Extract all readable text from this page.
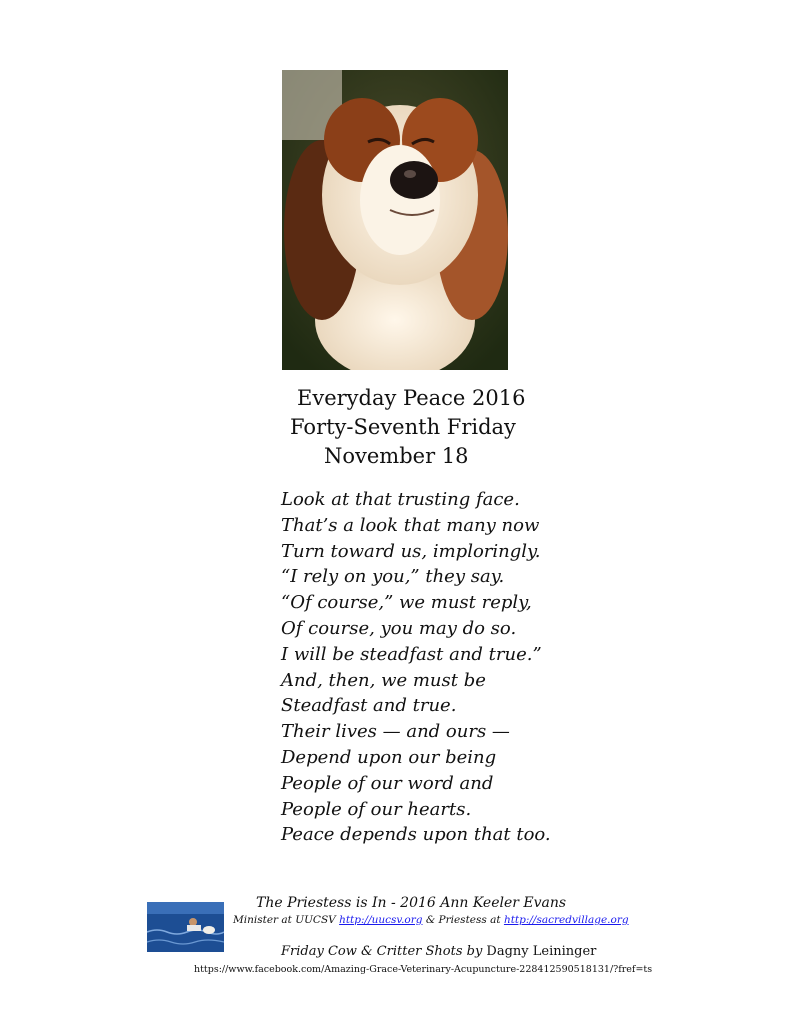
Everyday Peace 2016
Forty-Seventh Friday
November 18
Look at that trusting face.
That’s a look that many now
Turn toward us, imploringly.
“I rely on you,” they say.
“Of course,” we must reply,
Of course, you may do so.
I will be steadfast and true.”
And, then, we must be
Steadfast and true.
Their lives — and ours —
Depend upon our being
People of our word and
People of our hearts.
Peace depends upon that too.
The Priestess is In - 2016 Ann Keeler Evans
Minister at UUCSV http://uucsv.org & Priestess at http://sacredvillage.org
Friday Cow & Critter Shots by Dagny Leininger
https://www.facebook.com/Amazing-Grace-Veterinary-Acupuncture-228412590518131/?fref=ts
